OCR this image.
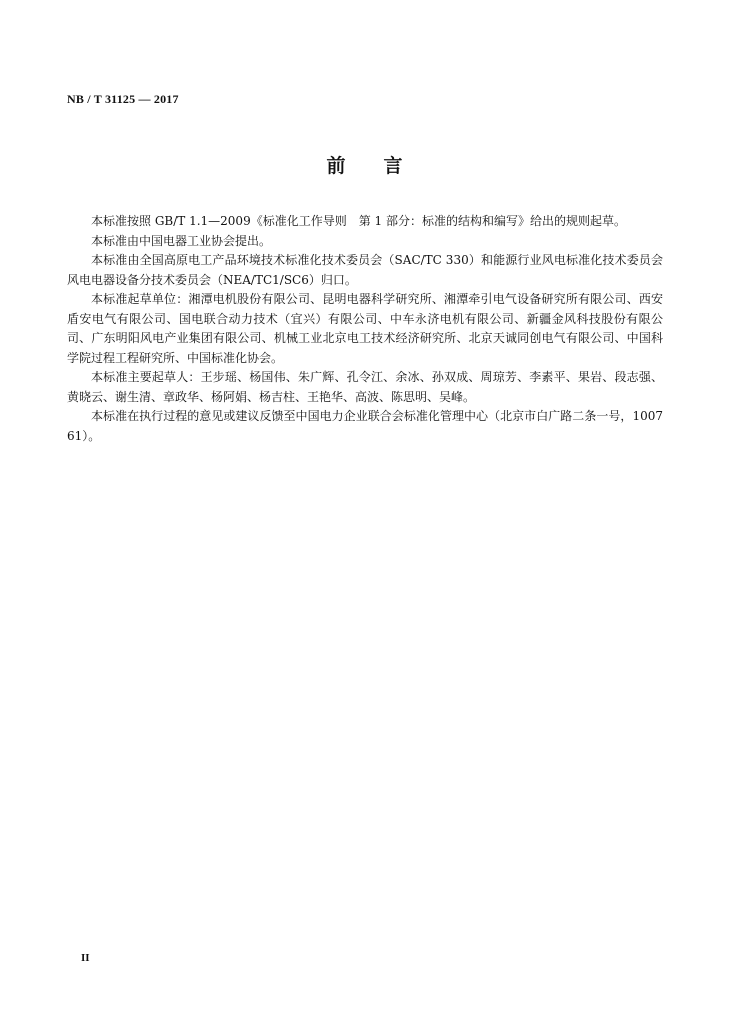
NB / T 31125 — 2017
前 言

本标准按照 GB/T 1.1—2009《标准化工作导则　第 1 部分：标准的结构和编写》给出的规则起草。

本标准由中国电器工业协会提出。

本标准由全国高原电工产品环境技术标准化技术委员会（SAC/TC 330）和能源行业风电标准化技术委员会风电电器设备分技术委员会（NEA/TC1/SC6）归口。

本标准起草单位：湘潭电机股份有限公司、昆明电器科学研究所、湘潭牵引电气设备研究所有限公司、西安盾安电气有限公司、国电联合动力技术（宜兴）有限公司、中车永济电机有限公司、新疆金风科技股份有限公司、广东明阳风电产业集团有限公司、机械工业北京电工技术经济研究所、北京天诚同创电气有限公司、中国科学院过程工程研究所、中国标准化协会。

本标准主要起草人：王步瑶、杨国伟、朱广辉、孔令江、余冰、孙双成、周琼芳、李素平、果岩、段志强、黄晓云、谢生清、章政华、杨阿娟、杨吉柱、王艳华、高波、陈思明、吴峰。

本标准在执行过程的意见或建议反馈至中国电力企业联合会标准化管理中心（北京市白广路二条一号，100761）。

II
